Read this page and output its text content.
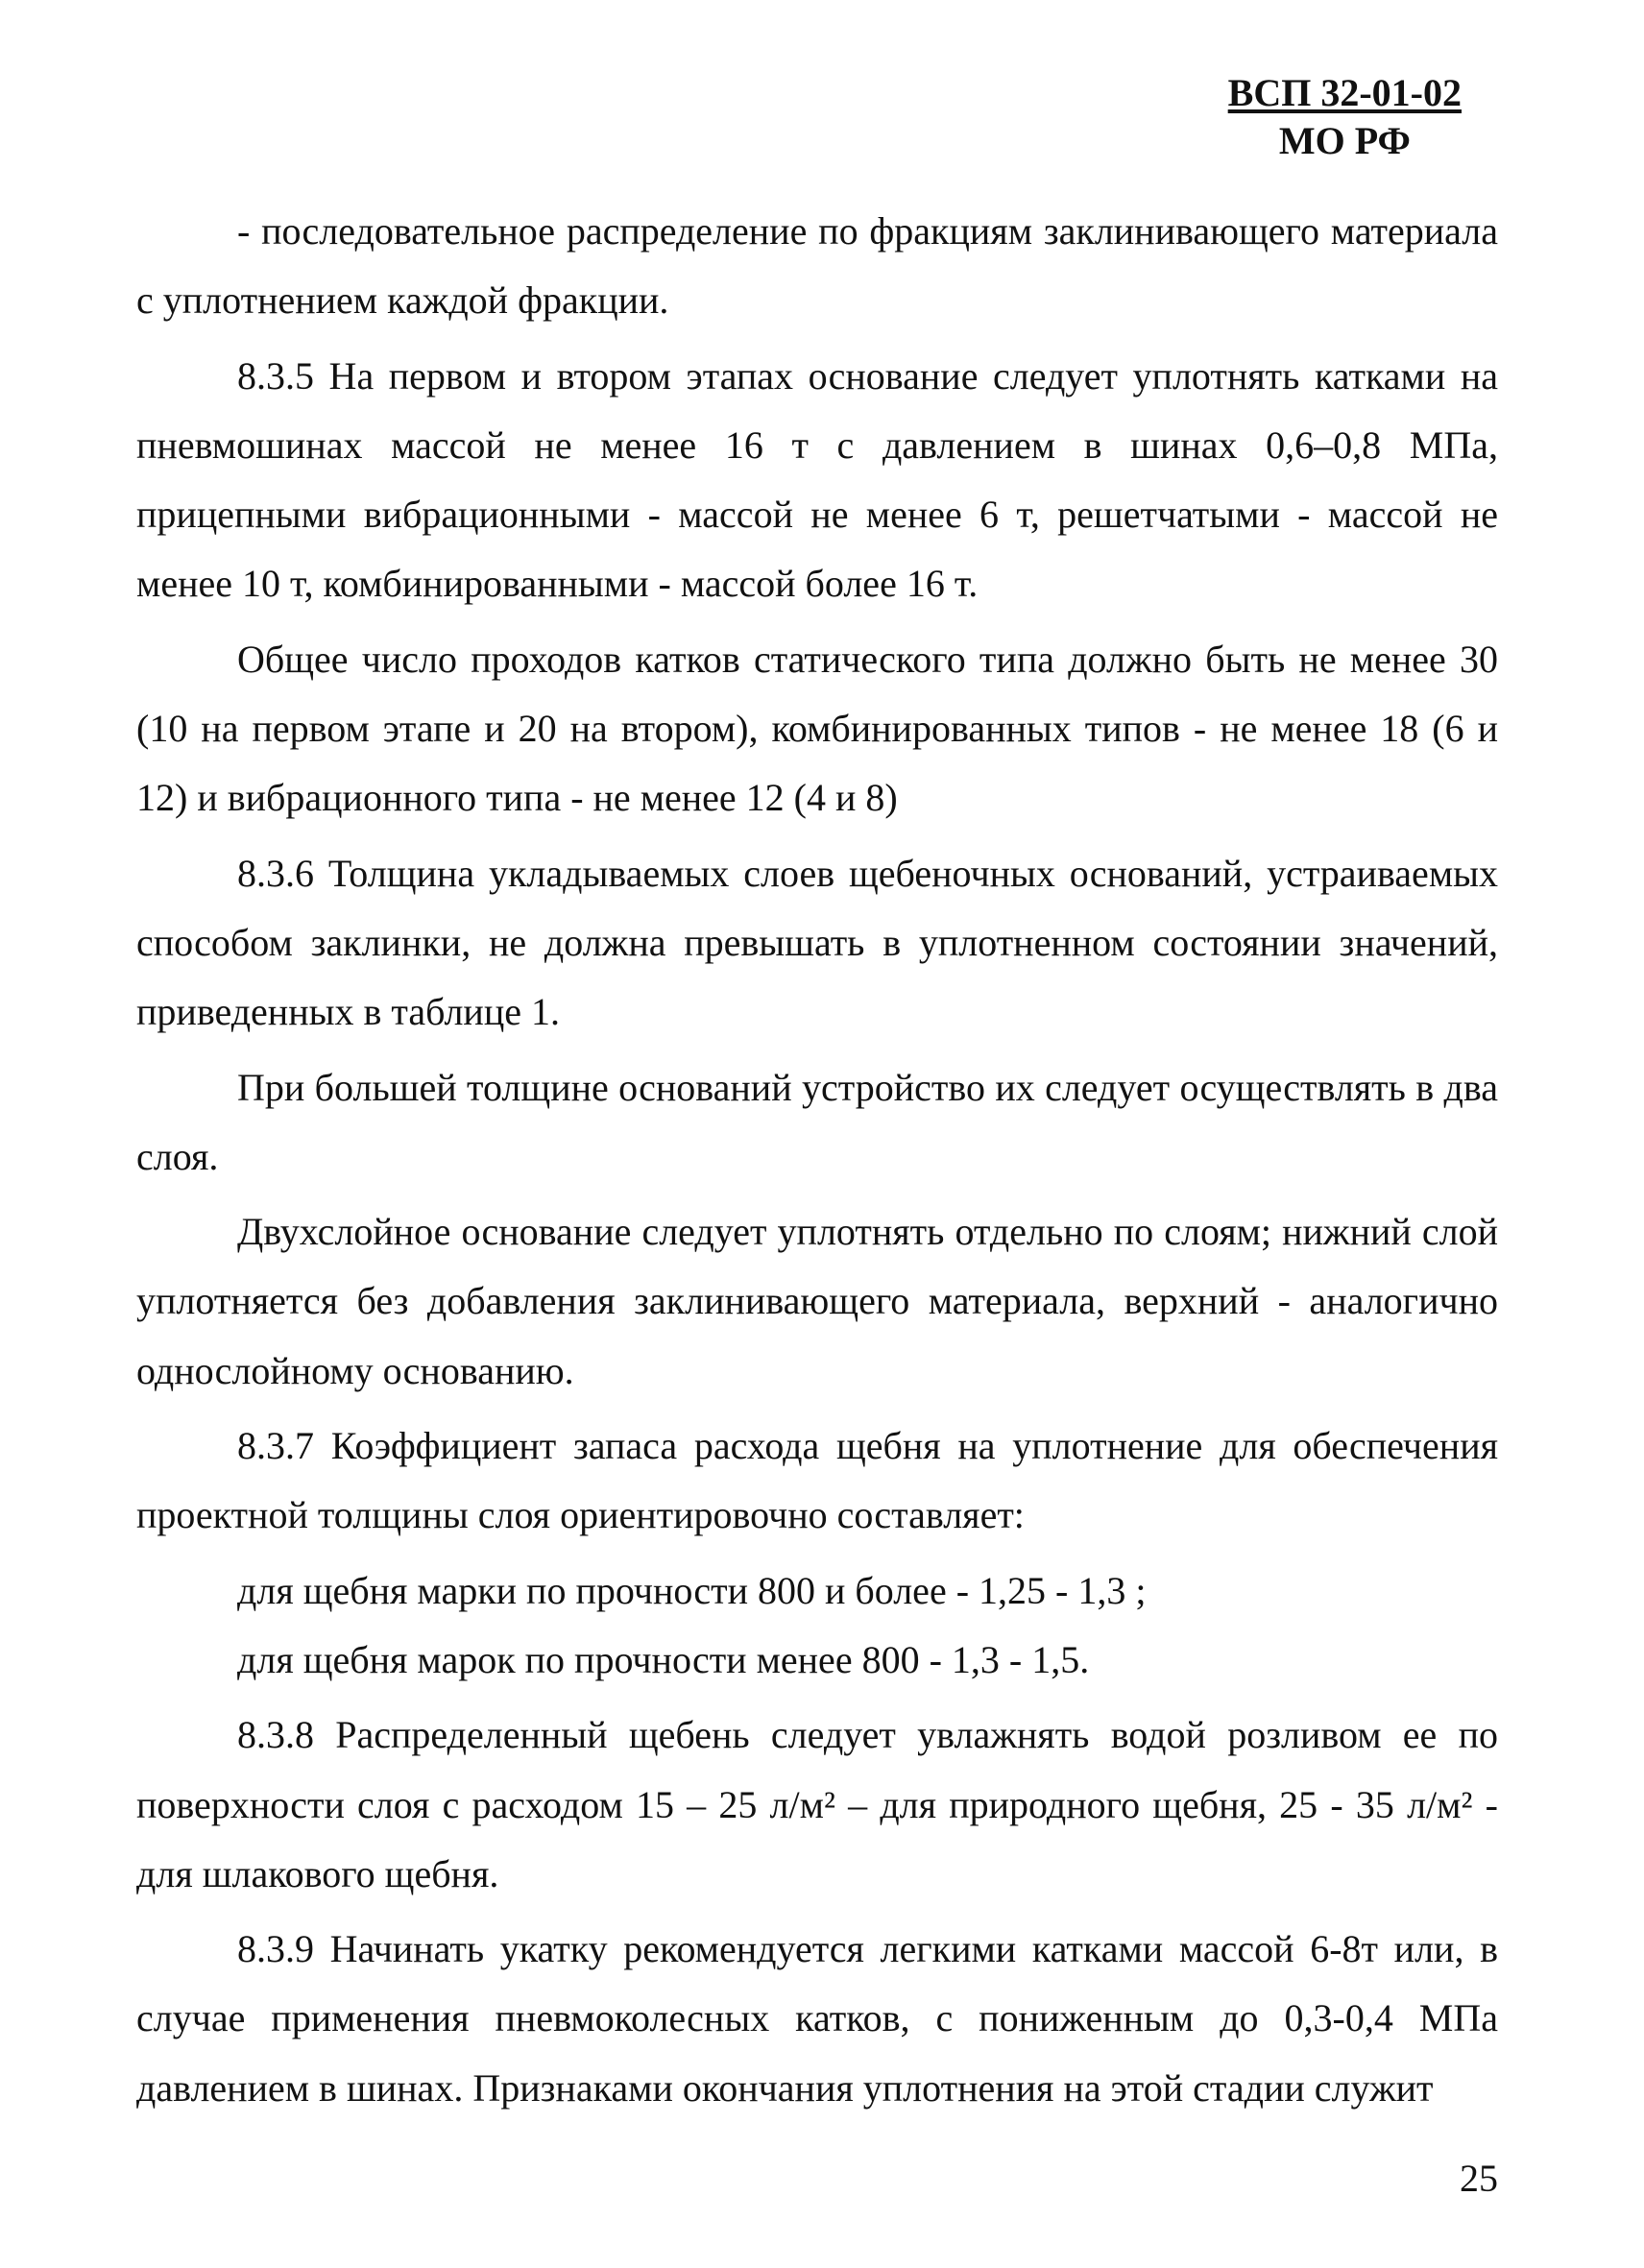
ВСП 32-01-02
МО РФ

- последовательное распределение по фракциям заклинивающего материала с уплотнением каждой фракции.

8.3.5 На первом и втором этапах основание следует уплотнять катками на пневмошинах массой не менее 16 т с давлением в шинах 0,6–0,8 МПа, прицепными вибрационными - массой не менее 6 т, решетчатыми - массой не менее 10 т, комбинированными - массой более 16 т.

Общее число проходов катков статического типа должно быть не менее 30 (10 на первом этапе и 20 на втором), комбинированных типов - не менее 18 (6 и 12) и вибрационного типа - не менее 12 (4 и 8)

8.3.6 Толщина укладываемых слоев щебеночных оснований, устраиваемых способом заклинки, не должна превышать в уплотненном состоянии значений, приведенных в таблице 1.

При большей толщине оснований устройство их следует осуществлять в два слоя.

Двухслойное основание следует уплотнять отдельно по слоям; нижний слой уплотняется без добавления заклинивающего материала, верхний - аналогично однослойному основанию.

8.3.7 Коэффициент запаса расхода щебня на уплотнение для обеспечения проектной толщины слоя ориентировочно составляет:

для щебня марки по прочности 800 и более - 1,25 - 1,3 ;

для щебня марок по прочности менее 800 - 1,3 - 1,5.

8.3.8 Распределенный щебень следует увлажнять водой розливом ее по поверхности слоя с расходом 15 – 25 л/м² – для природного щебня, 25 - 35 л/м² - для шлакового щебня.

8.3.9 Начинать укатку рекомендуется легкими катками массой 6-8т или, в случае применения пневмоколесных катков, с пониженным до 0,3-0,4 МПа давлением в шинах. Признаками окончания уплотнения на этой стадии служит

25
